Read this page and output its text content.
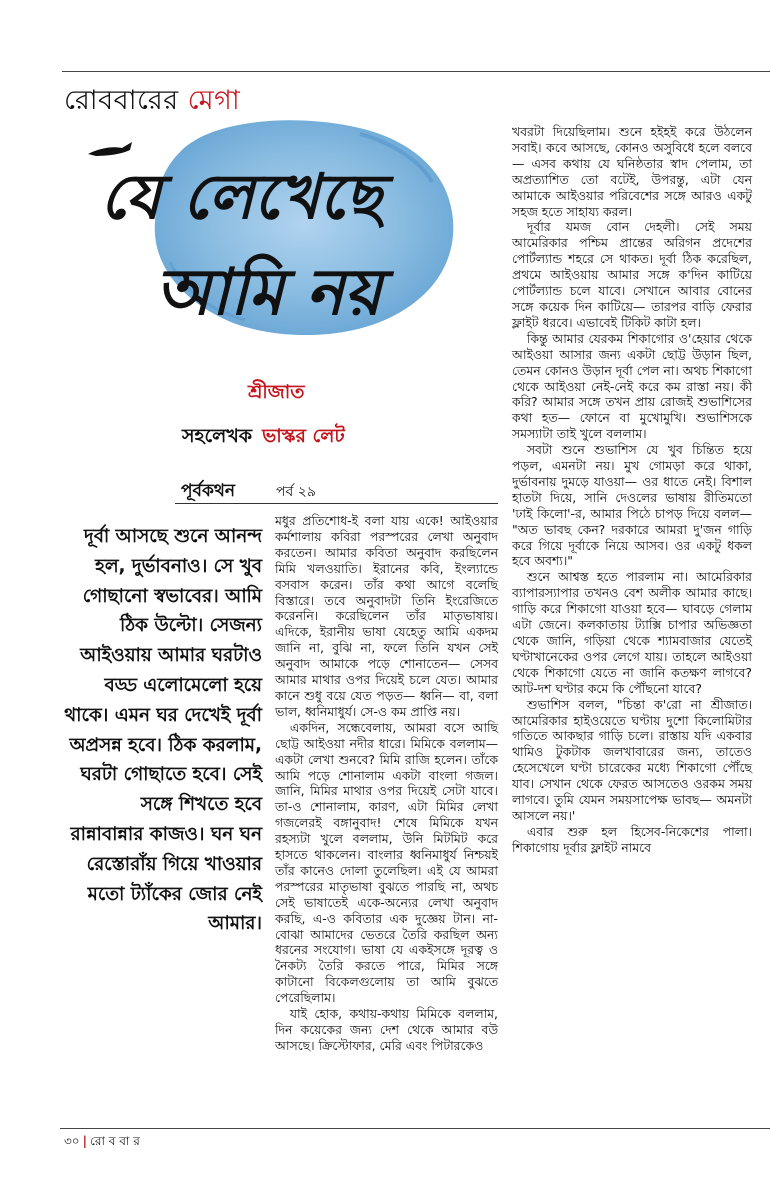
রোববারের মেগা
যে লেখেছে
আমি নয়
শ্রীজাত
সহলেখক ভাস্কর লেট
পূর্বকথন	পর্ব ২৯
দূর্বা আসছে শুনে আনন্দ হল, দুর্ভাবনাও। সে খুব গোছানো স্বভাবের। আমি ঠিক উল্টো। সেজন্য আইওয়ায় আমার ঘরটাও বড্ড এলোমেলো হয়ে থাকে। এমন ঘর দেখেই দূর্বা অপ্রসন্ন হবে। ঠিক করলাম, ঘরটা গোছাতে হবে। সেই সঙ্গে শিখতে হবে রান্নাবান্নার কাজও। ঘন ঘন রেস্তোরাঁয় গিয়ে খাওয়ার মতো ট্যাঁকের জোর নেই আমার।

মধুর প্রতিশোধ-ই বলা যায় একে! আইওয়ার কর্মশালায় কবিরা পরস্পরের লেখা অনুবাদ করতেন। আমার কবিতা অনুবাদ করছিলেন মিমি খলওয়াতি। ইরানের কবি, ইংল্যান্ডে বসবাস করেন। তাঁর কথা আগে বলেছি বিস্তারে। তবে অনুবাদটা তিনি ইংরেজিতে করেননি। করেছিলেন তাঁর মাতৃভাষায়। এদিকে, ইরানীয় ভাষা যেহেতু আমি একদম জানি না, বুঝি না, ফলে তিনি যখন সেই অনুবাদ আমাকে পড়ে শোনাতেন— সেসব আমার মাথার ওপর দিয়েই চলে যেত। আমার কানে শুধু বয়ে যেত পড়ত— ধ্বনি— বা, বলা ভাল, ধ্বনিমাধুর্য। সে-ও কম প্রাপ্তি নয়।

একদিন, সন্ধেবেলায়, আমরা বসে আছি ছোট্ট আইওয়া নদীর ধারে। মিমিকে বললাম— একটা লেখা শুনবে? মিমি রাজি হলেন। তাঁকে আমি পড়ে শোনালাম একটা বাংলা গজল। জানি, মিমির মাথার ওপর দিয়েই সেটা যাবে। তা-ও শোনালাম, কারণ, এটা মিমির লেখা গজলেরই বঙ্গানুবাদ! শেষে মিমিকে যখন রহস্যটা খুলে বললাম, উনি মিটমিট করে হাসতে থাকলেন। বাংলার ধ্বনিমাধুর্য নিশ্চয়ই তাঁর কানেও দোলা তুলেছিল। এই যে আমরা পরস্পরের মাতৃভাষা বুঝতে পারছি না, অথচ সেই ভাষাতেই একে-অন্যের লেখা অনুবাদ করছি, এ-ও কবিতার এক দুজ্ঞেয় টান। না-বোঝা আমাদের ভেতরে তৈরি করছিল অন্য ধরনের সংযোগ। ভাষা যে একইসঙ্গে দূরত্ব ও নৈকট্য তৈরি করতে পারে, মিমির সঙ্গে কাটানো বিকেলগুলোয় তা আমি বুঝতে পেরেছিলাম।

যাই হোক, কথায়-কথায় মিমিকে বললাম, দিন কয়েকের জন্য দেশ থেকে আমার বউ আসছে। ক্রিস্টোফার, মেরি এবং পিটারকেও

খবরটা দিয়েছিলাম। শুনে হইহই করে উঠলেন সবাই। কবে আসছে, কোনও অসুবিধে হলে বলবে— এসব কথায় যে ঘনিষ্ঠতার স্বাদ পেলাম, তা অপ্রত্যাশিত তো বটেই, উপরন্তু, এটা যেন আমাকে আইওয়ার পরিবেশের সঙ্গে আরও একটু সহজ হতে সাহায্য করল।

দূর্বার যমজ বোন দেহলী। সেই সময় আমেরিকার পশ্চিম প্রান্তের অরিগন প্রদেশের পোর্টল্যান্ড শহরে সে থাকত। দূর্বা ঠিক করেছিল, প্রথমে আইওয়ায় আমার সঙ্গে ক'দিন কাটিয়ে পোর্টল্যান্ড চলে যাবে। সেখানে আবার বোনের সঙ্গে কয়েক দিন কাটিয়ে— তারপর বাড়ি ফেরার ফ্লাইট ধরবে। এভাবেই টিকিট কাটা হল।

কিন্তু আমার যেরকম শিকাগোর ও'হেয়ার থেকে আইওয়া আসার জন্য একটা ছোট্ট উড়ান ছিল, তেমন কোনও উড়ান দূর্বা পেল না। অথচ শিকাগো থেকে আইওয়া নেই-নেই করে কম রাস্তা নয়। কী করি? আমার সঙ্গে তখন প্রায় রোজই শুভাশিসের কথা হত— ফোনে বা মুখোমুখি। শুভাশিসকে সমস্যাটা তাই খুলে বললাম।

সবটা শুনে শুভাশিস যে খুব চিন্তিত হয়ে পড়ল, এমনটা নয়। মুখ গোমড়া করে থাকা, দুর্ভাবনায় দুমড়ে যাওয়া— ওর ধাতে নেই। বিশাল হাতটা দিয়ে, সানি দেওলের ভাষায় রীতিমতো 'ঢাই কিলো'-র, আমার পিঠে চাপড় দিয়ে বলল— "অত ভাবছ কেন? দরকারে আমরা দু'জন গাড়ি করে গিয়ে দূর্বাকে নিয়ে আসব। ওর একটু ধকল হবে অবশ্য।"

শুনে আশ্বস্ত হতে পারলাম না। আমেরিকার ব্যাপারস্যাপার তখনও বেশ অলীক আমার কাছে। গাড়ি করে শিকাগো যাওয়া হবে— ঘাবড়ে গেলাম এটা জেনে। কলকাতায় ট্যাক্সি চাপার অভিজ্ঞতা থেকে জানি, গড়িয়া থেকে শ্যামবাজার যেতেই ঘণ্টাখানেকের ওপর লেগে যায়। তাহলে আইওয়া থেকে শিকাগো যেতে না জানি কতক্ষণ লাগবে? আট-দশ ঘণ্টার কমে কি পৌঁছনো যাবে?

শুভাশিস বলল, "চিন্তা ক'রো না শ্রীজাত। আমেরিকার হাইওয়েতে ঘণ্টায় দুশো কিলোমিটার গতিতে আকছার গাড়ি চলে। রাস্তায় যদি একবার থামিও টুকটাক জলখাবারের জন্য, তাতেও হেসেখেলে ঘণ্টা চারেকের মধ্যে শিকাগো পৌঁছে যাব। সেখান থেকে ফেরত আসতেও ওরকম সময় লাগবে। তুমি যেমন সময়সাপেক্ষ ভাবছ— অমনটা আসলে নয়।'

এবার শুরু হল হিসেব-নিকেশের পালা। শিকাগোয় দূর্বার ফ্লাইট নামবে

৩০ | রো ব বা র
